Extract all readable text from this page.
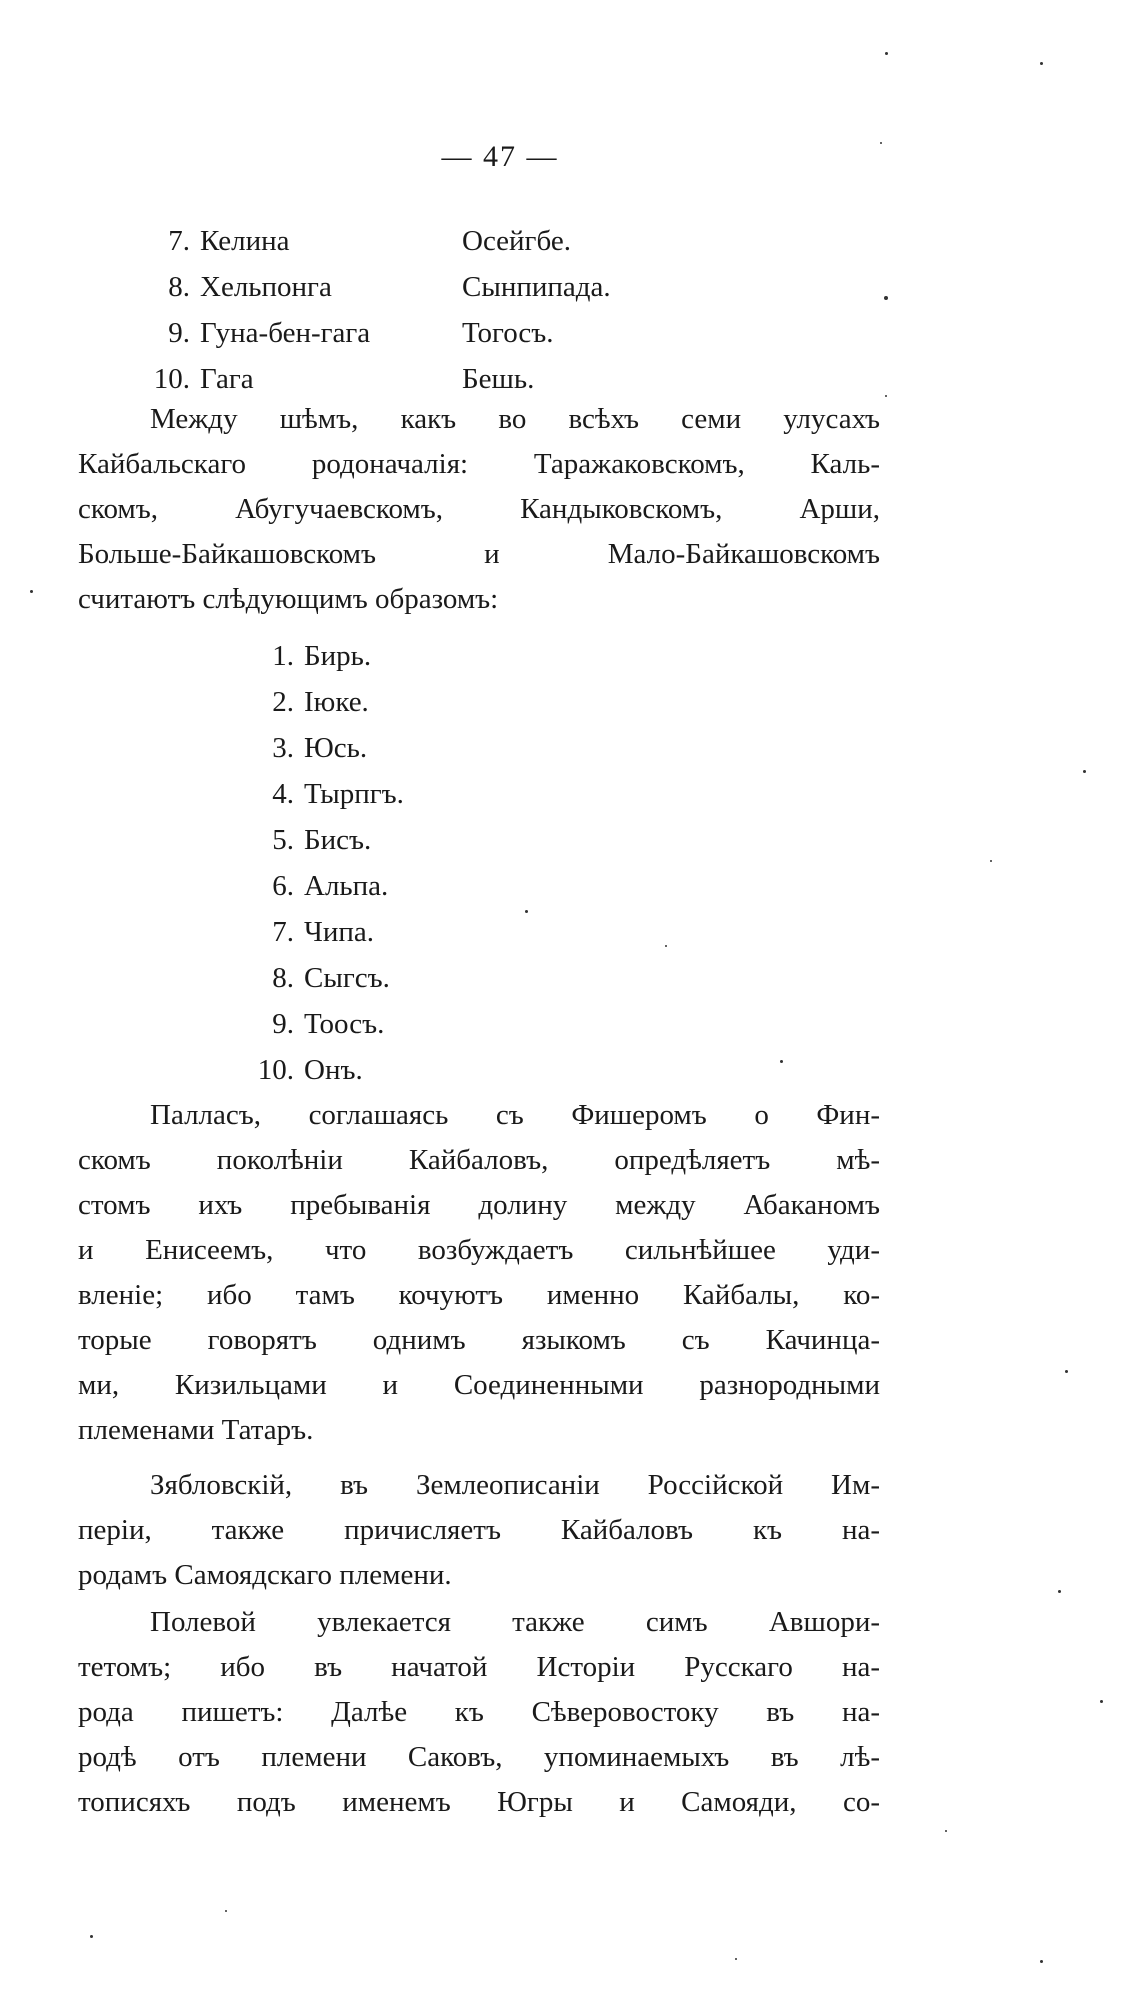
— 47 —
7. Келина	Осейгбе.
8. Хельпонга	Сынпипада.
9. Гуна-бен-гага	Тогосъ.
10. Гага	Бешь.

Между шѣмъ, какъ во всѣхъ семи улусахъ
Кайбальскаго родоначалія: Таражаковскомъ, Каль-
скомъ, Абугучаевскомъ, Кандыковскомъ, Арши,
Больше-Байкашовскомъ и Мало-Байкашовскомъ
считаютъ слѣдующимъ образомъ:

1. Бирь.
2. Іюке.
3. Юсь.
4. Тырпгъ.
5. Бисъ.
6. Альпа.
7. Чипа.
8. Сыгсъ.
9. Тоосъ.
10. Онъ.

Палласъ, соглашаясь съ Фишеромъ о Фин-
скомъ поколѣніи Кайбаловъ, опредѣляетъ мѣ-
стомъ ихъ пребыванія долину между Абаканомъ
и Енисеемъ, что возбуждаетъ сильнѣйшее уди-
вленіе; ибо тамъ кочуютъ именно Кайбалы, ко-
торые говорятъ однимъ языкомъ съ Качинца-
ми, Кизильцами и Соединенными разнородными
племенами Татаръ.

Зябловскій, въ Землеописаніи Россійской Им-
періи, также причисляетъ Кайбаловъ къ на-
родамъ Самоядскаго племени.

Полевой увлекается также симъ Авшори-
тетомъ; ибо въ начатой Исторіи Русскаго на-
рода пишетъ: Далѣе къ Сѣверовостоку въ на-
родѣ отъ племени Саковъ, упоминаемыхъ въ лѣ-
тописяхъ подъ именемъ Югры и Самояди, со-
